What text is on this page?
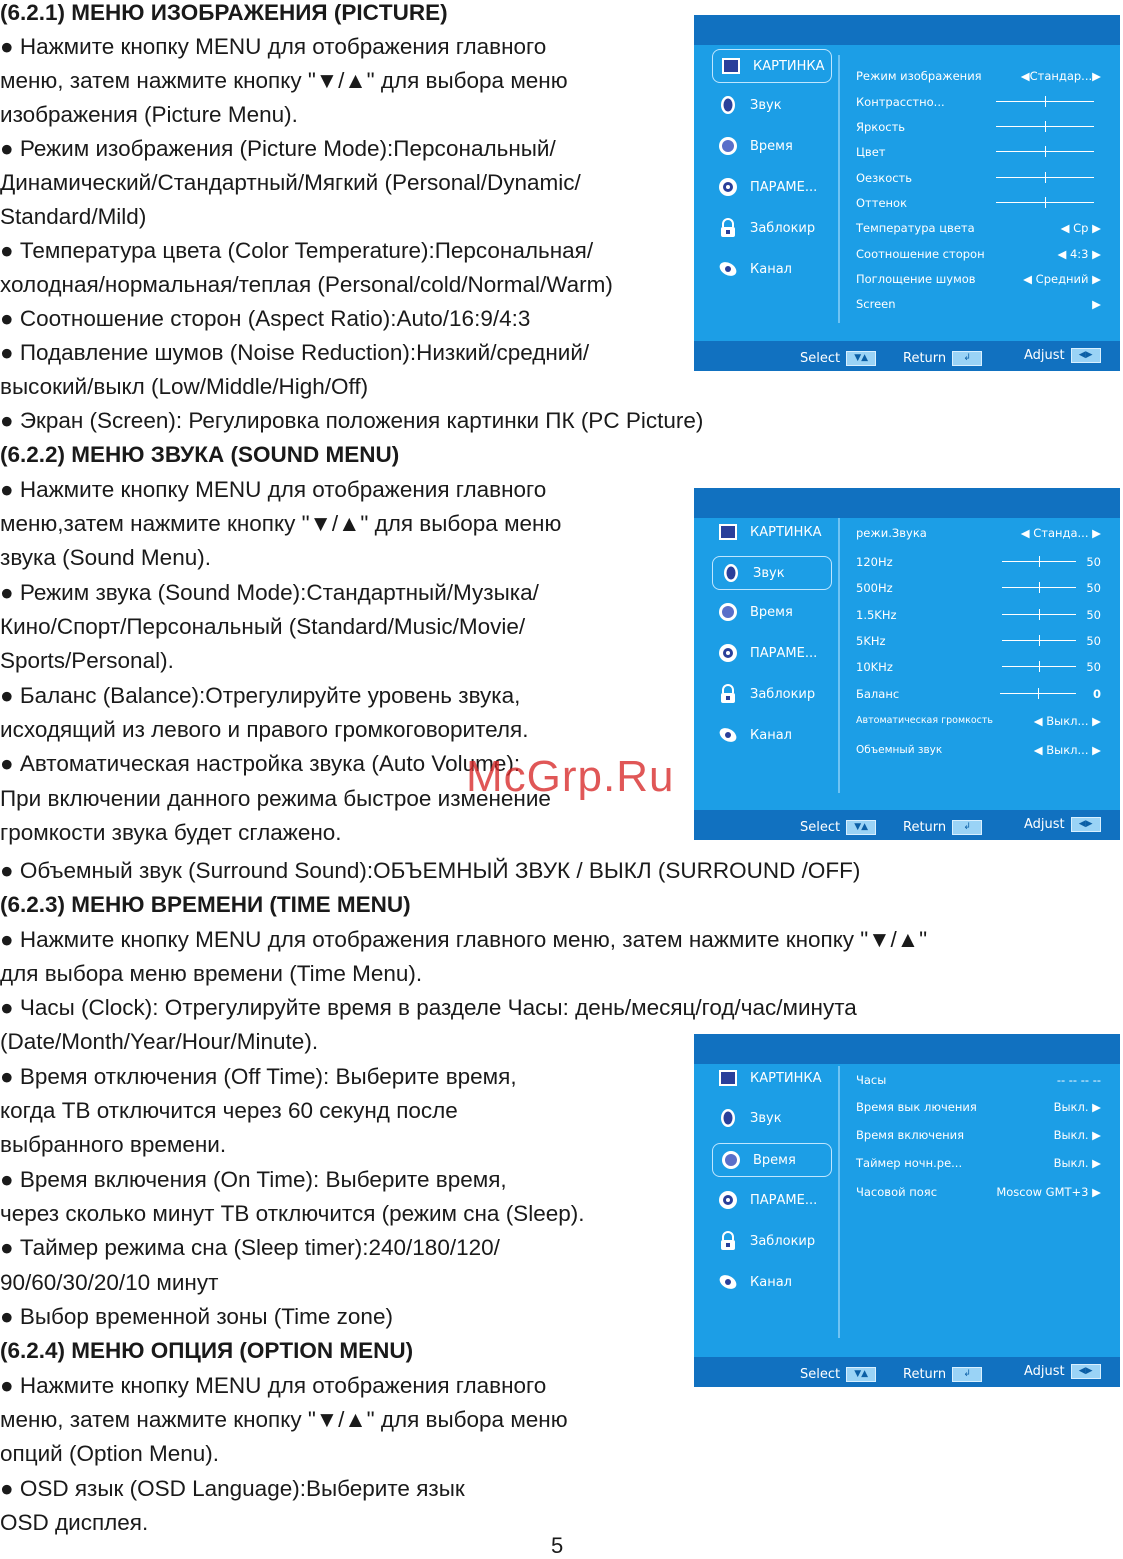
(6.2.1) МЕНЮ ИЗОБРАЖЕНИЯ (PICTURE)
● Нажмите кнопку MENU для отображения главного
меню, затем нажмите кнопку "▼/▲" для выбора меню
изображения (Picture Menu).
● Режим изображения (Picture Mode):Персональный/
Динамический/Стандартный/Мягкий (Personal/Dynamic/
Standard/Mild)
● Температура цвета (Color Temperature):Персональная/
холодная/нормальная/теплая (Personal/cold/Normal/Warm)
● Соотношение сторон (Aspect Ratio):Auto/16:9/4:3
● Подавление шумов (Noise Reduction):Низкий/средний/
высокий/выкл (Low/Middle/High/Off)
● Экран (Screen): Регулировка положения картинки ПК (PC Picture)
(6.2.2) МЕНЮ ЗВУКА (SOUND MENU)
● Нажмите кнопку MENU для отображения главного
меню,затем нажмите кнопку "▼/▲" для выбора меню
звука (Sound Menu).
● Режим звука (Sound Mode):Стандартный/Музыка/
Кино/Спорт/Персональный (Standard/Music/Movie/
Sports/Personal).
● Баланс (Balance):Отрегулируйте уровень звука,
исходящий из левого и правого громкоговорителя.
● Автоматическая настройка звука (Auto Volume):
При включении данного режима быстрое изменение
громкости звука будет сглажено.
● Объемный звук (Surround Sound):ОБЪЕМНЫЙ ЗВУК / ВЫКЛ (SURROUND /OFF)
(6.2.3) МЕНЮ ВРЕМЕНИ (TIME MENU)
● Нажмите кнопку MENU для отображения главного меню, затем нажмите кнопку "▼/▲"
для выбора меню времени (Time Menu).
● Часы (Clock): Отрегулируйте время в разделе Часы: день/месяц/год/час/минута
(Date/Month/Year/Hour/Minute).
● Время отключения (Off Time): Выберите время,
когда ТВ отключится через 60 секунд после
выбранного времени.
● Время включения (On Time): Выберите время,
через сколько минут ТВ отключится (режим сна (Sleep).
● Таймер режима сна (Sleep timer):240/180/120/
90/60/30/20/10 минут
● Выбор временной зоны (Time zone)
(6.2.4) МЕНЮ ОПЦИЯ (OPTION MENU)
● Нажмите кнопку MENU для отображения главного
меню, затем нажмите кнопку "▼/▲" для выбора меню
опций (Option Menu).
● OSD язык (OSD Language):Выберите язык
OSD дисплея.
5
КАРТИНКА
Звук
Время
ПАРАМЕ...
Заблокир
Канал
Режим изображения	◀Стандар...▶
Контрасстно...
Яркость
Цвет
Оезкость
Оттенок
Температура цвета	◀ Ср ▶
Соотношение сторон	◀ 4:3 ▶
Поглощение шумов	◀ Средний ▶
Screen	▶
Select ▼▲	Return ↲	Adjust ◀▶
КАРТИНКА
Звук
Время
ПАРАМЕ...
Заблокир
Канал
режи.Звука	◀ Станда... ▶
120Hz	50
500Hz	50
1.5KHz	50
5KHz	50
10KHz	50
Баланс	0
Автоматическая громкость	◀ Выкл... ▶
Объемный звук	◀ Выкл... ▶
Select ▼▲	Return ↲	Adjust ◀▶
КАРТИНКА
Звук
Время
ПАРАМЕ...
Заблокир
Канал
Часы	-- -- -- --
Время вык лючения	Выкл. ▶
Время включения	Выкл. ▶
Таймер ночн.ре...	Выкл. ▶
Часовой пояс	Moscow GMT+3 ▶
Select ▼▲	Return ↲	Adjust ◀▶
McGrp.Ru
